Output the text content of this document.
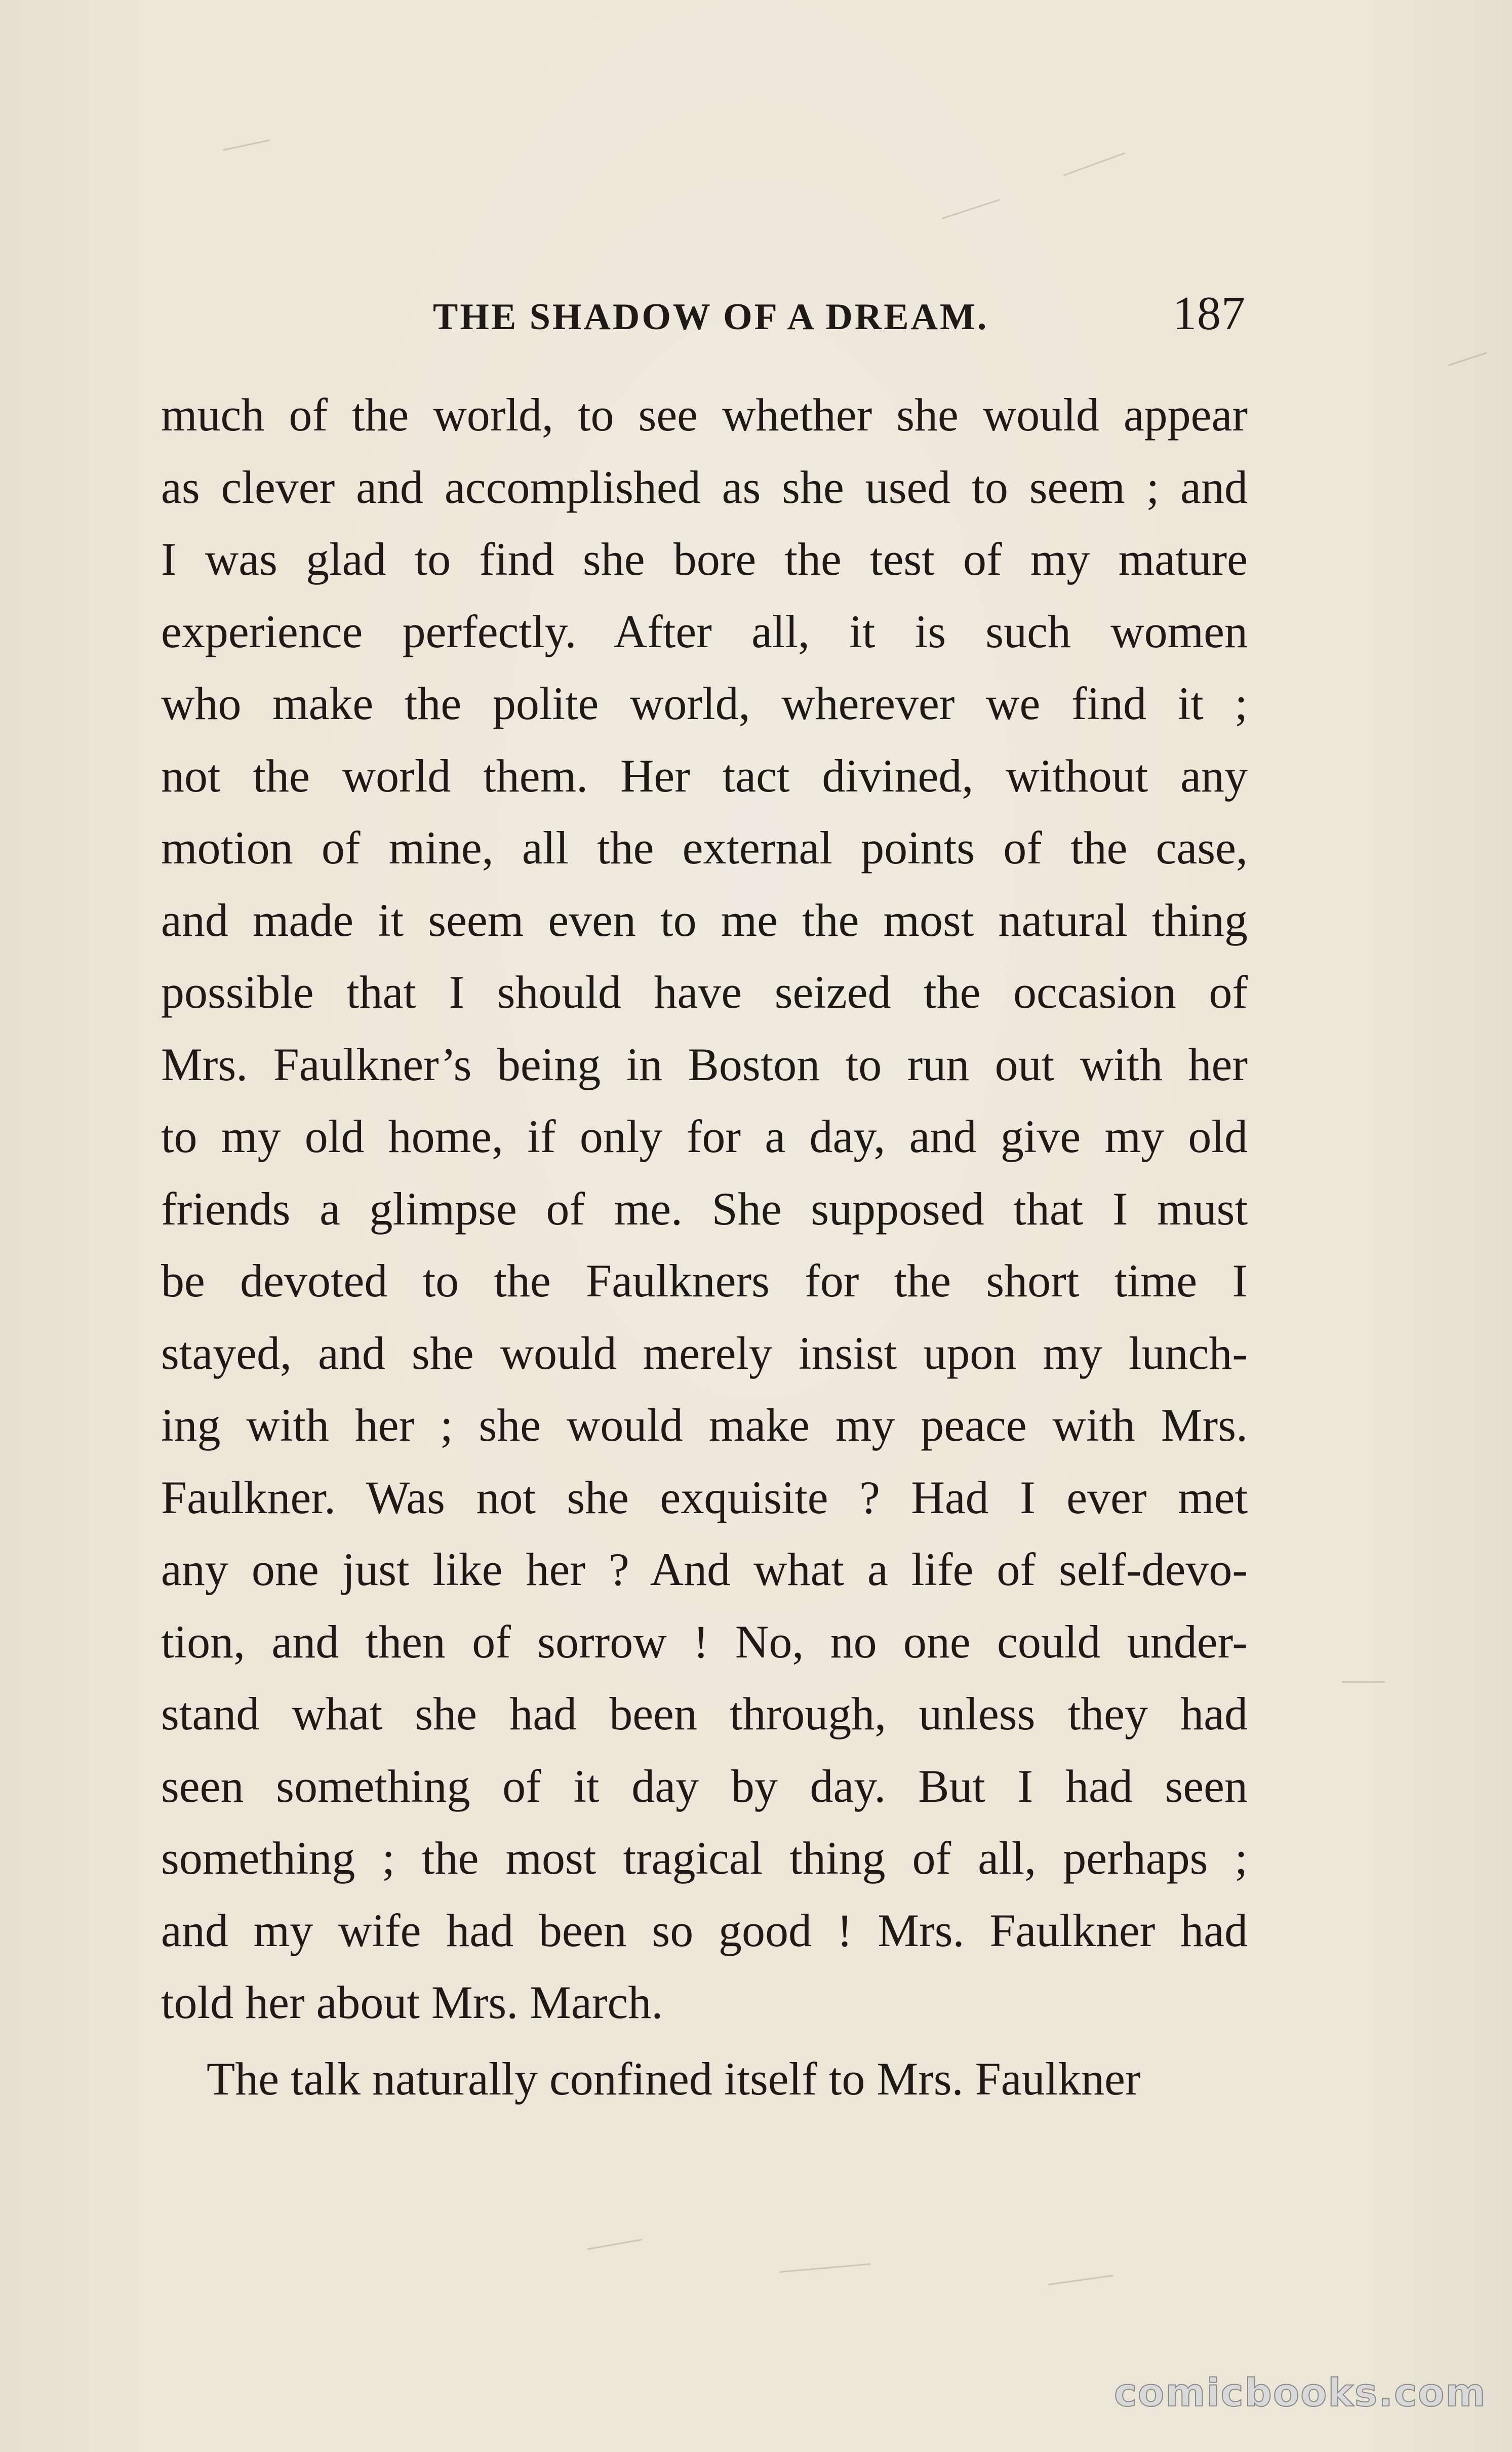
THE SHADOW OF A DREAM.	187
much of the world, to see whether she would appear
as clever and accomplished as she used to seem ; and
I was glad to find she bore the test of my mature
experience perfectly. After all, it is such women
who make the polite world, wherever we find it ;
not the world them. Her tact divined, without any
motion of mine, all the external points of the case,
and made it seem even to me the most natural thing
possible that I should have seized the occasion of
Mrs. Faulkner’s being in Boston to run out with her
to my old home, if only for a day, and give my old
friends a glimpse of me. She supposed that I must
be devoted to the Faulkners for the short time I
stayed, and she would merely insist upon my lunch-
ing with her ; she would make my peace with Mrs.
Faulkner. Was not she exquisite ? Had I ever met
any one just like her ? And what a life of self-devo-
tion, and then of sorrow ! No, no one could under-
stand what she had been through, unless they had
seen something of it day by day. But I had seen
something ; the most tragical thing of all, perhaps ;
and my wife had been so good ! Mrs. Faulkner had
told her about Mrs. March.
The talk naturally confined itself to Mrs. Faulkner
comicbooks.com
